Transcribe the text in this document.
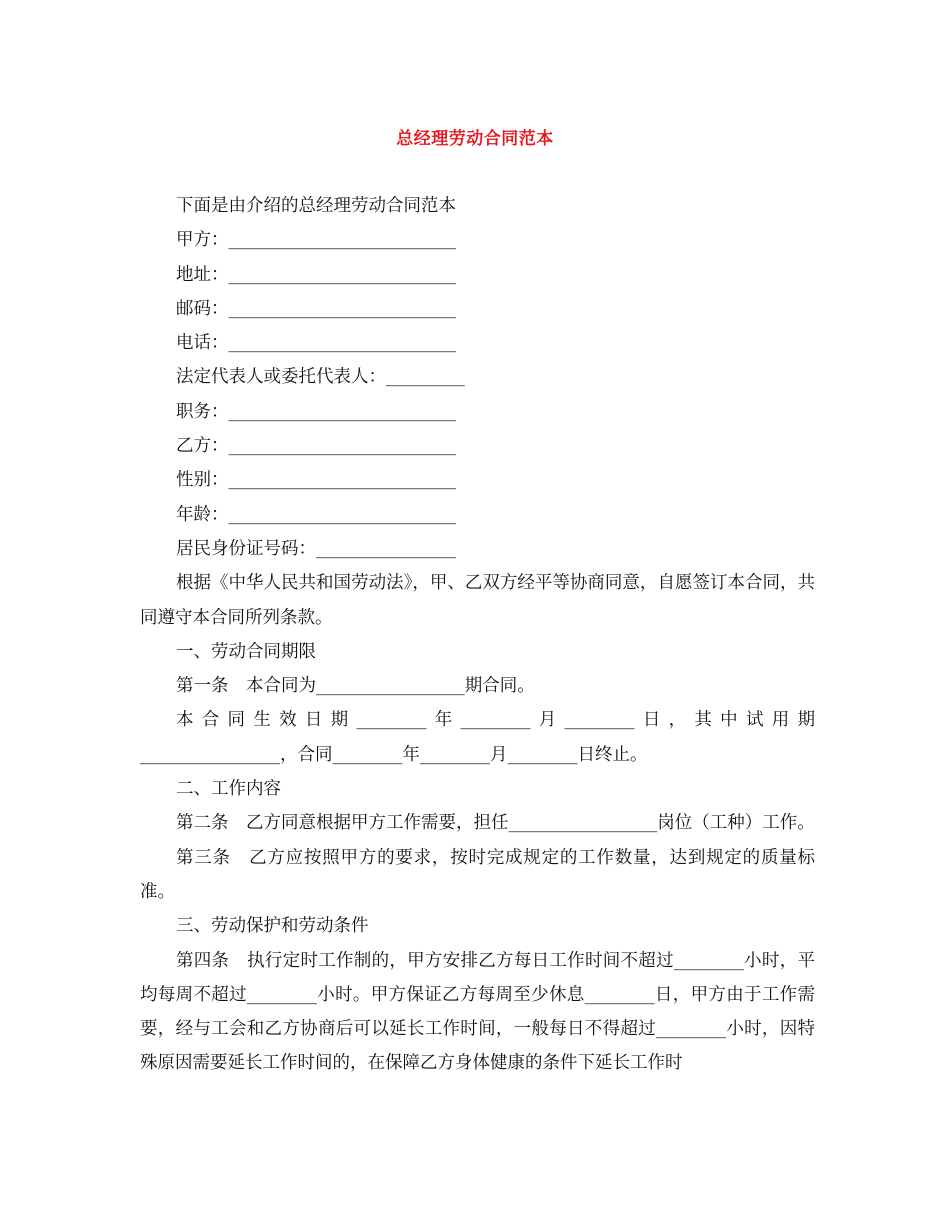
总经理劳动合同范本
下面是由介绍的总经理劳动合同范本
甲方：__________________________
地址：__________________________
邮码：__________________________
电话：__________________________
法定代表人或委托代表人：_________
职务：__________________________
乙方：__________________________
性别：__________________________
年龄：__________________________
居民身份证号码：________________
根据《中华人民共和国劳动法》，甲、乙双方经平等协商同意，自愿签订本合同，共同遵守本合同所列条款。
一、劳动合同期限
第一条　本合同为_________________期合同。
本合同生效日期________年________月________日，其中试用期________________，合同________年________月________日终止。
二、工作内容
第二条　乙方同意根据甲方工作需要，担任_________________岗位（工种）工作。
第三条　乙方应按照甲方的要求，按时完成规定的工作数量，达到规定的质量标准。
三、劳动保护和劳动条件
第四条　执行定时工作制的，甲方安排乙方每日工作时间不超过________小时，平均每周不超过________小时。甲方保证乙方每周至少休息________日，甲方由于工作需要，经与工会和乙方协商后可以延长工作时间，一般每日不得超过________小时，因特殊原因需要延长工作时间的，在保障乙方身体健康的条件下延长工作时
